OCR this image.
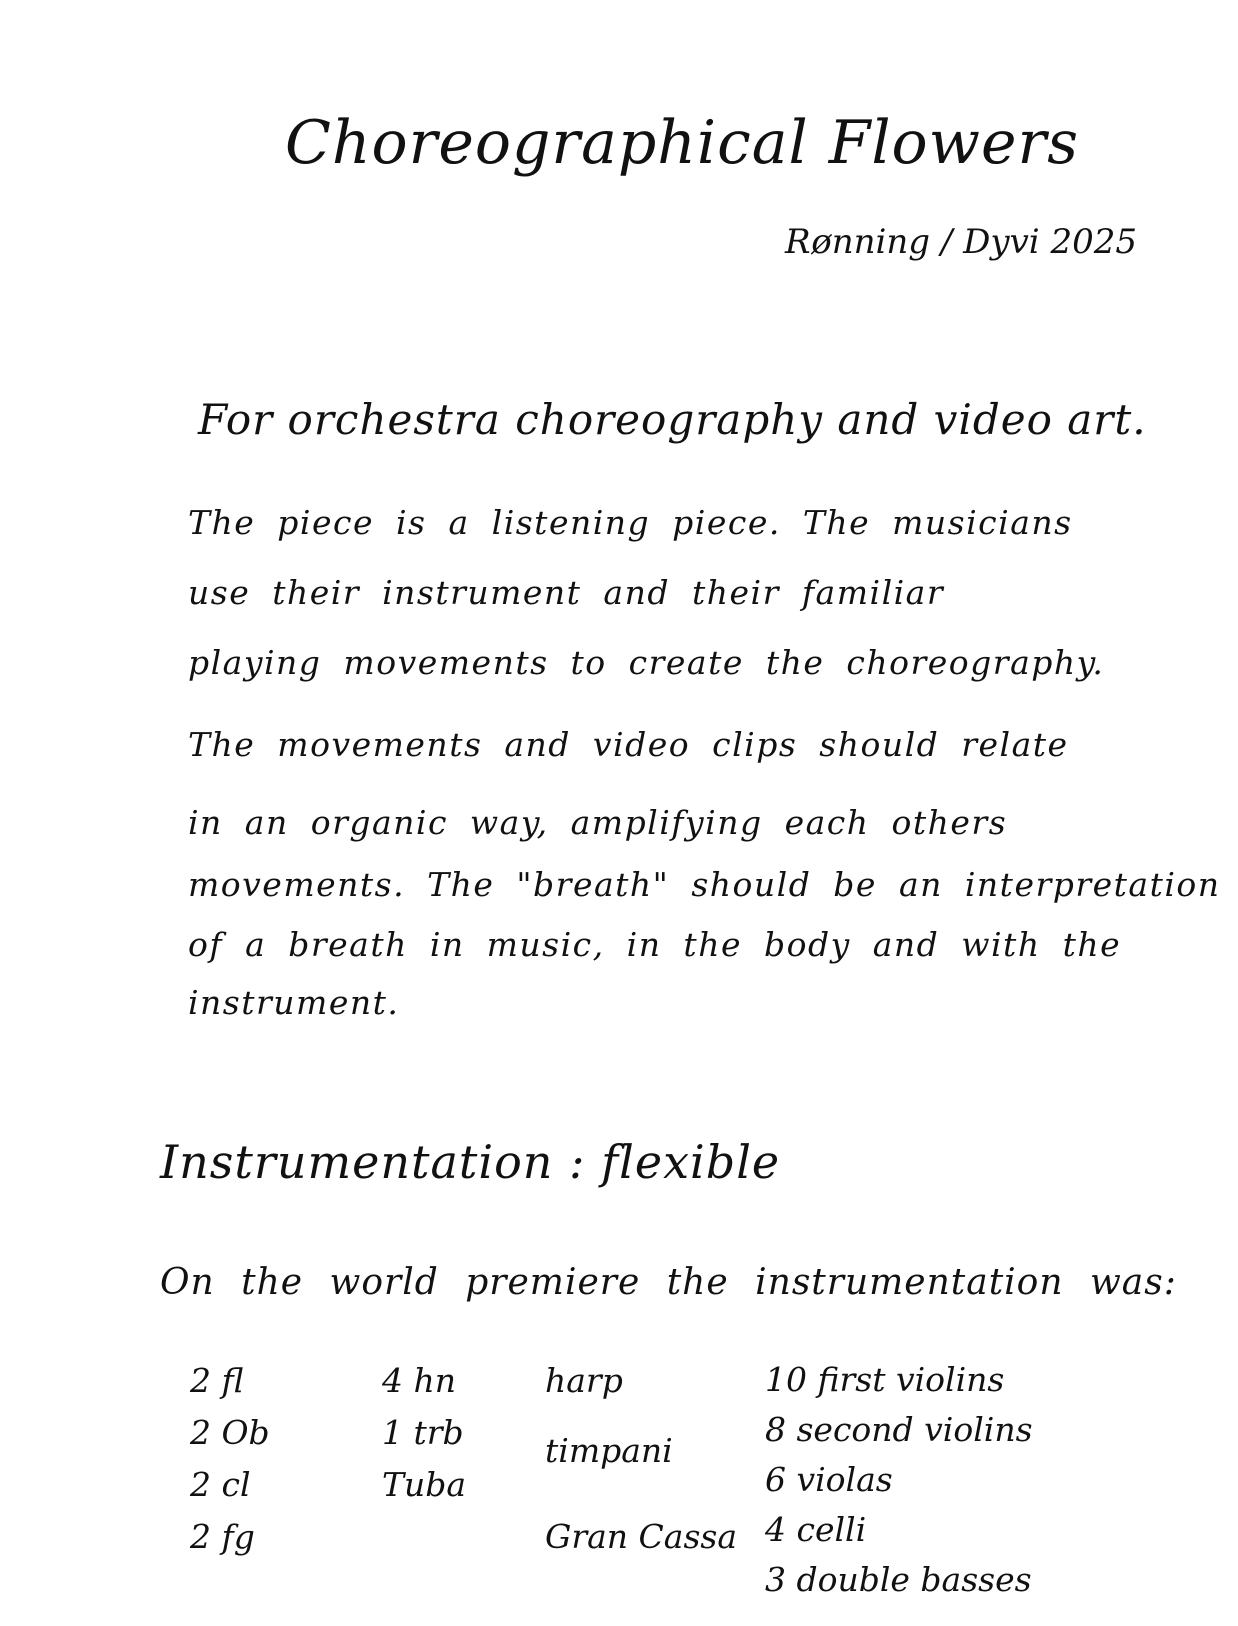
Choreographical Flowers
Rønning / Dyvi 2025
For orchestra choreography and video art.
The piece is a listening piece. The musicians
use their instrument and their familiar
playing movements to create the choreography.
The movements and video clips should relate
in an organic way, amplifying each others
movements. The "breath" should be an interpretation
of a breath in music, in the body and with the
instrument.
Instrumentation : flexible
On the world premiere the instrumentation was:
2 fl
2 Ob
2 cl
2 fg
4 hn
1 trb
Tuba
harp
timpani
Gran Cassa
10 first violins
8 second violins
6 violas
4 celli
3 double basses
